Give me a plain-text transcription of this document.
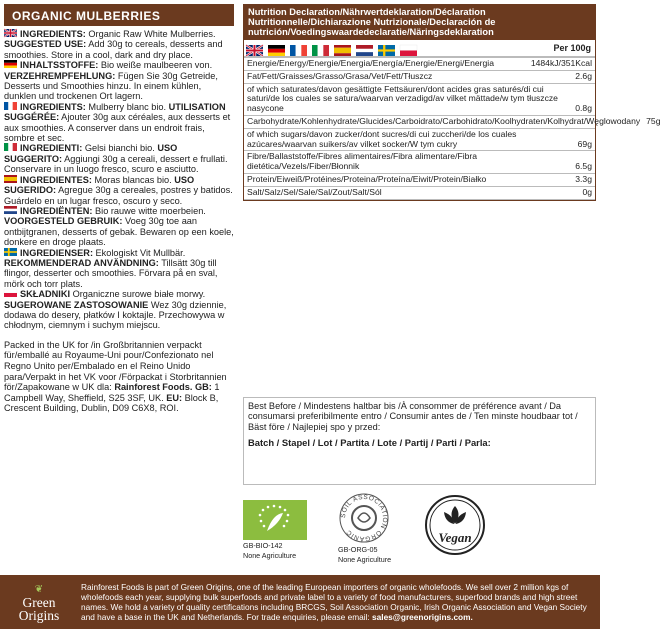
ORGANIC MULBERRIES
INGREDIENTS: Organic Raw White Mulberries. SUGGESTED USE: Add 30g to cereals, desserts and smoothies. Store in a cool, dark and dry place.
INHALTSSTOFFE: Bio weiße maulbeeren von. VERZEHREMPFEHLUNG: Fügen Sie 30g Getreide, Desserts und Smoothies hinzu. In einem kühlen, dunklen und trockenen Ort lagern.
INGREDIENTS: Mulberry blanc bio. UTILISATION SUGGÉRÉE: Ajouter 30g aux céréales, aux desserts et aux smoothies. A conserver dans un endroit frais, sombre et sec.
INGREDIENTI: Gelsi bianchi bio. USO SUGGERITO: Aggiungi 30g a cereali, dessert e frullati. Conservare in un luogo fresco, scuro e asciutto.
INGREDIENTES: Moras blancas bio. USO SUGERIDO: Agregue 30g a cereales, postres y batidos. Guárdelo en un lugar fresco, oscuro y seco.
INGREDIËNTEN: Bio rauwe witte moerbeien. VOORGESTELD GEBRUIK: Voeg 30g toe aan ontbijtgranen, desserts of gebak. Bewaren op een koele, donkere en droge plaats.
INGREDIENSER: Ekologiskt Vit Mullbär. REKOMMENDERAD ANVÄNDNING: Tillsätt 30g till flingor, desserter och smoothies. Förvara på en sval, mörk och torr plats.
SKŁADNIKI Organiczne surowe białe morwy. SUGEROWANE ZASTOSOWANIE Wez 30g dziennie, dodawa do desery, płatków I koktajle. Przechowywa w chłodnym, ciemnym i suchym miejscu.
Packed in the UK for /in Großbritannien verpackt für/emballé au Royaume-Uni pour/Confezionato nel Regno Unito per/Embalado en el Reino Unido para/Verpakt in het VK voor /Förpackat i Storbritannien för/Zapakowane w UK dla: Rainforest Foods. GB: 1 Campbell Way, Sheffield, S25 3SF, UK. EU: Block B, Crescent Building, Dublin, D09 C6X8, ROI.
Nutrition Declaration/Nährwertdeklaration/Déclaration Nutritionnelle/Dichiarazione Nutrizionale/Declaración de nutrición/Voedingswaardedeclaratie/Näringsdeklaration
Per 100g
Energie/Energy/Energie/Energia/Energía/Energie/Energi/Energia	1484kJ/351Kcal
Fat/Fett/Graisses/Grasso/Grasa/Vet/Fett/Tłuszcz	2.6g
of which saturates/davon gesättigte Fettsäuren/dont acides gras saturés/di cui saturi/de los cuales se satura/waarvan verzadigd/av vilket mättade/w tym tłuszcze nasycone	0.8g
Carbohydrate/Kohlenhydrate/Glucides/Carboidrato/Carbohidrato/Koolhydraten/Kolhydrat/Węglowodany 75g
of which sugars/davon zucker/dont sucres/di cui zuccheri/de los cuales azúcares/waarvan suikers/av vilket socker/W tym cukry	69g
Fibre/Ballaststoffe/Fibres alimentaires/Fibra alimentare/Fibra dietética/Vezels/Fiber/Błonnik	6.5g
Protein/Eiweiß/Protéines/Proteina/Proteína/Eiwit/Protein/Białko	3.3g
Salt/Salz/Sel/Sale/Sal/Zout/Salt/Sól	0g
Best Before / Mindestens haltbar bis /À consommer de préférence avant / Da consumarsi preferibilmente entro / Consumir antes de / Ten minste houdbaar tot / Bäst före / Najlepiej spo y przed:
Batch / Stapel / Lot / Partita / Lote / Partij / Parti / Parla:
GB-BIO-142
None Agriculture
SOIL ASSOCIATION ORGANIC
GB-ORG-05
None Agriculture
Vegan
❦
Green
Origins
Rainforest Foods is part of Green Origins, one of the leading European importers of organic wholefoods. We sell over 2 million kgs of wholefoods each year, supplying bulk superfoods and private label to a variety of food manufacturers, superfood brands and high street names. We hold a variety of quality certifications including BRCGS, Soil Association Organic, Irish Organic Association and Vegan Society and have a base in the UK and Netherlands. For trade enquiries, please email: sales@greenorigins.com.
